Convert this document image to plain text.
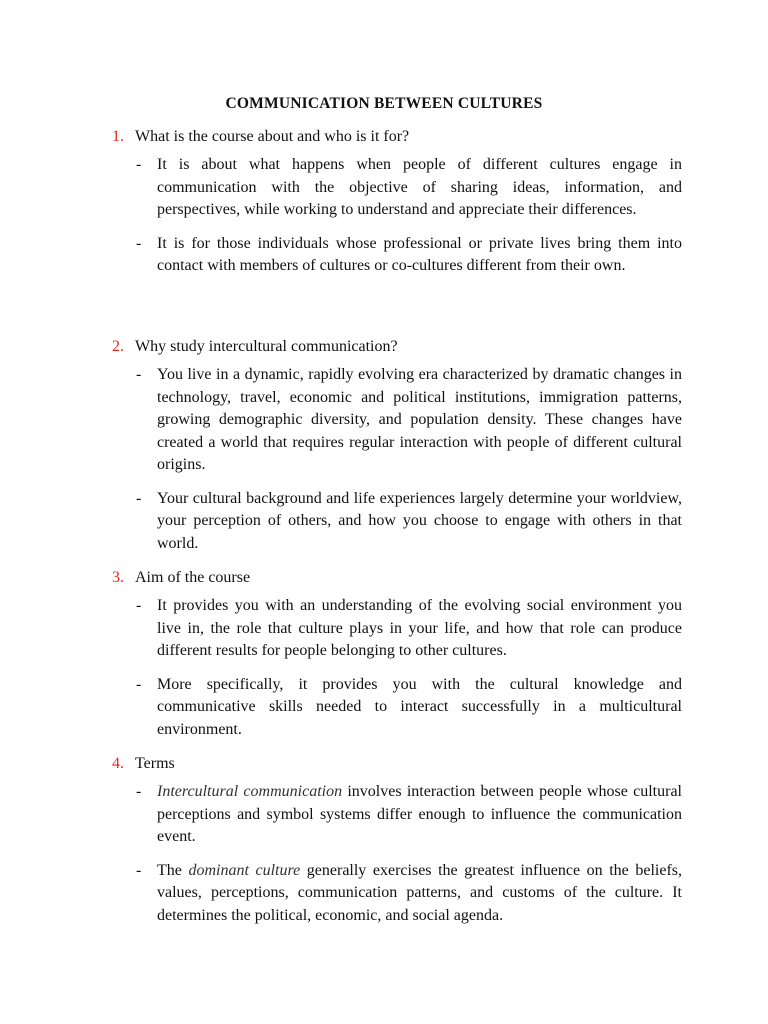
COMMUNICATION BETWEEN CULTURES
1. What is the course about and who is it for?
- It is about what happens when people of different cultures engage in communication with the objective of sharing ideas, information, and perspectives, while working to understand and appreciate their differences.
- It is for those individuals whose professional or private lives bring them into contact with members of cultures or co-cultures different from their own.
2. Why study intercultural communication?
- You live in a dynamic, rapidly evolving era characterized by dramatic changes in technology, travel, economic and political institutions, immigration patterns, growing demographic diversity, and population density. These changes have created a world that requires regular interaction with people of different cultural origins.
- Your cultural background and life experiences largely determine your worldview, your perception of others, and how you choose to engage with others in that world.
3. Aim of the course
- It provides you with an understanding of the evolving social environment you live in, the role that culture plays in your life, and how that role can produce different results for people belonging to other cultures.
- More specifically, it provides you with the cultural knowledge and communicative skills needed to interact successfully in a multicultural environment.
4. Terms
- Intercultural communication involves interaction between people whose cultural perceptions and symbol systems differ enough to influence the communication event.
- The dominant culture generally exercises the greatest influence on the beliefs, values, perceptions, communication patterns, and customs of the culture. It determines the political, economic, and social agenda.
